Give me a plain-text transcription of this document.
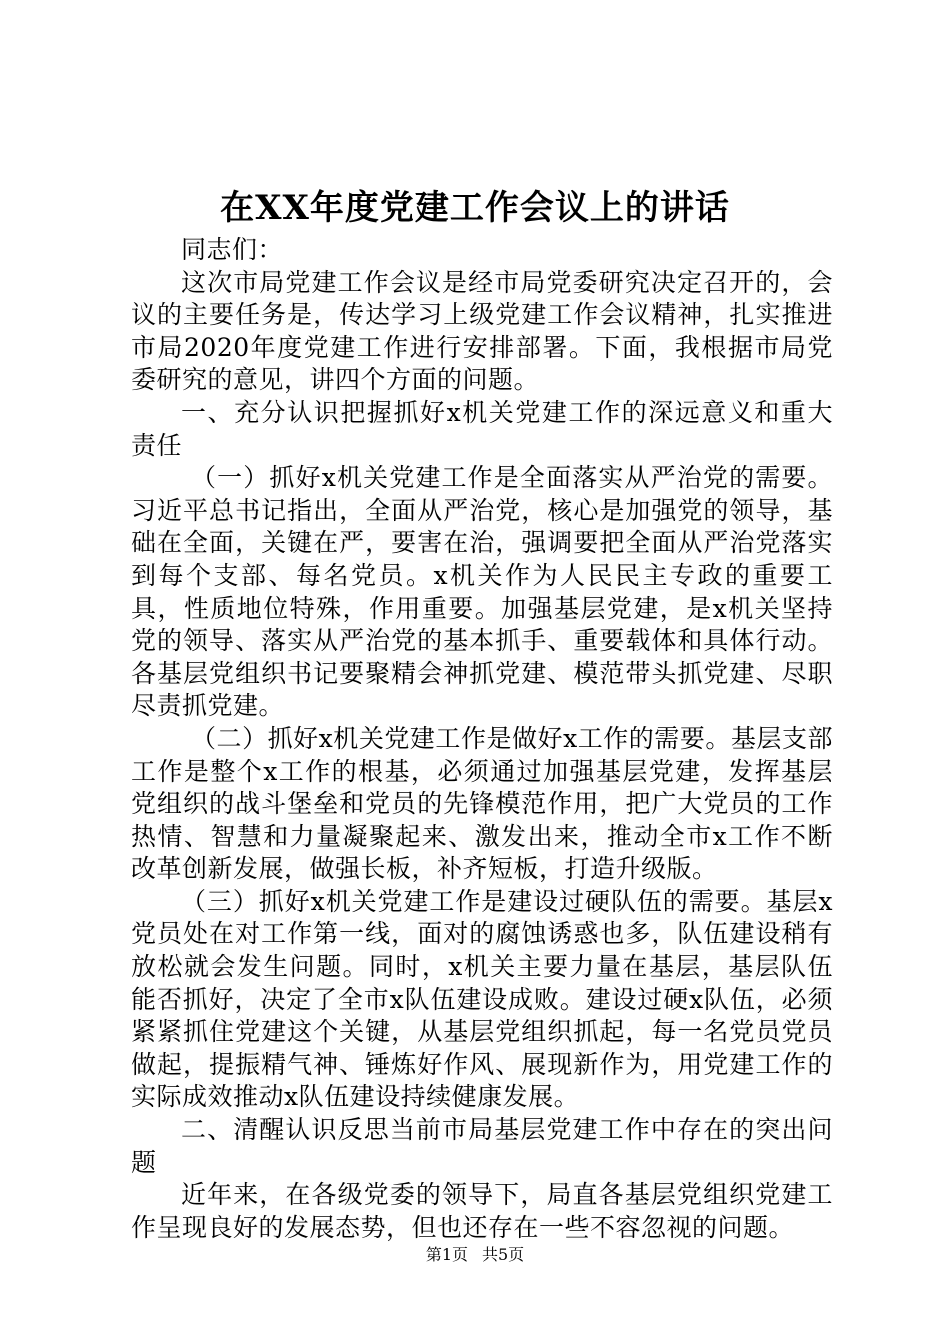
在XX年度党建工作会议上的讲话

同志们：

这次市局党建工作会议是经市局党委研究决定召开的，会议的主要任务是，传达学习上级党建工作会议精神，扎实推进市局2020年度党建工作进行安排部署。下面，我根据市局党委研究的意见，讲四个方面的问题。

一、充分认识把握抓好x机关党建工作的深远意义和重大责任

（一）抓好x机关党建工作是全面落实从严治党的需要。习近平总书记指出，全面从严治党，核心是加强党的领导，基础在全面，关键在严，要害在治，强调要把全面从严治党落实到每个支部、每名党员。x机关作为人民民主专政的重要工具，性质地位特殊，作用重要。加强基层党建，是x机关坚持党的领导、落实从严治党的基本抓手、重要载体和具体行动。各基层党组织书记要聚精会神抓党建、模范带头抓党建、尽职尽责抓党建。

（二）抓好x机关党建工作是做好x工作的需要。基层支部工作是整个x工作的根基，必须通过加强基层党建，发挥基层党组织的战斗堡垒和党员的先锋模范作用，把广大党员的工作热情、智慧和力量凝聚起来、激发出来，推动全市x工作不断改革创新发展，做强长板，补齐短板，打造升级版。

（三）抓好x机关党建工作是建设过硬队伍的需要。基层x党员处在对工作第一线，面对的腐蚀诱惑也多，队伍建设稍有放松就会发生问题。同时，x机关主要力量在基层，基层队伍能否抓好，决定了全市x队伍建设成败。建设过硬x队伍，必须紧紧抓住党建这个关键，从基层党组织抓起，每一名党员党员做起，提振精气神、锤炼好作风、展现新作为，用党建工作的实际成效推动x队伍建设持续健康发展。

二、清醒认识反思当前市局基层党建工作中存在的突出问题

近年来，在各级党委的领导下，局直各基层党组织党建工作呈现良好的发展态势，但也还存在一些不容忽视的问题。

第1页 共5页
